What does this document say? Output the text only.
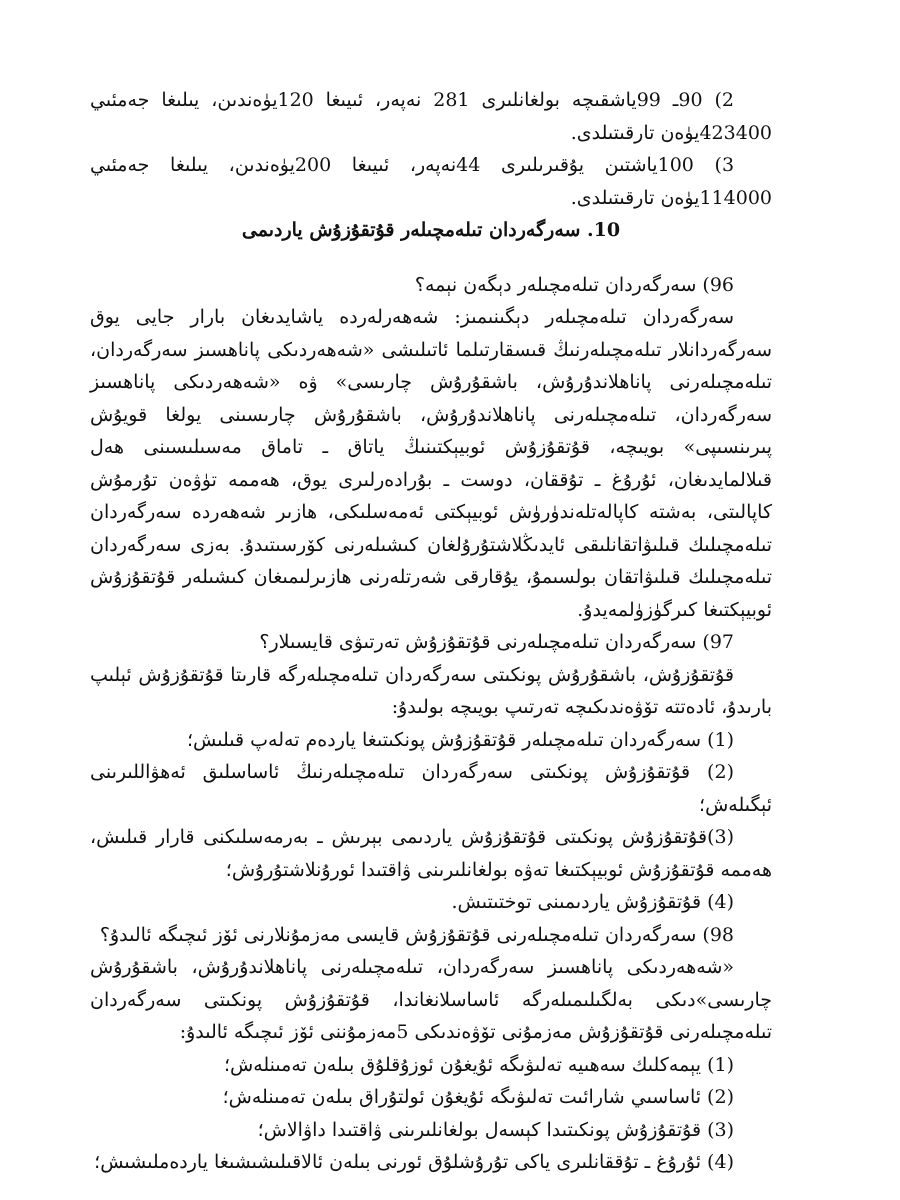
2) 90ـ 99ياشقىچە بولغانلىرى 281 نەپەر، ئىيىغا 120يۈەندىن، يىلىغا جەمئىي 423400يۈەن تارقىتىلدى.

3) 100ياشتىن يۇقىرىلىرى 44نەپەر، ئىيىغا 200يۈەندىن، يىلىغا جەمئىي 114000يۈەن تارقىتىلدى.

10. سەرگەردان تىلەمچىلەر قۇتقۇزۇش ياردىمى

96) سەرگەردان تىلەمچىلەر دېگەن نېمە؟

سەرگەردان تىلەمچىلەر دېگىنىمىز: شەھەرلەردە ياشايدىغان بارار جايى يوق سەرگەردانلار تىلەمچىلەرنىڭ قىسقارتىلما ئاتىلىشى «شەھەردىكى پاناھسىز سەرگەردان، تىلەمچىلەرنى پاناھلاندۇرۇش، باشقۇرۇش چارىسى» ۋە «شەھەردىكى پاناھسىز سەرگەردان، تىلەمچىلەرنى پاناھلاندۇرۇش، باشقۇرۇش چارىسىنى يولغا قويۇش پىرىنسىپى» بويىچە، قۇتقۇزۇش ئوبيېكتىنىڭ ياتاق ـ تاماق مەسىلىسىنى ھەل قىلالمايدىغان، ئۇرۇغ ـ تۇققان، دوست ـ بۇرادەرلىرى يوق، ھەممە تۈۋەن تۇرمۇش كاپالىتى، بەشتە كاپالەتلەندۈرۈش ئوبيېكتى ئەمەسلىكى، ھازىر شەھەردە سەرگەردان تىلەمچىلىك قىلىۋاتقانلىقى ئايدىڭلاشتۇرۇلغان كىشىلەرنى كۆرسىتىدۇ. بەزى سەرگەردان تىلەمچىلىك قىلىۋاتقان بولسىمۇ، يۇقارقى شەرتلەرنى ھازىرلىمىغان كىشىلەر قۇتقۇزۇش ئوبيېكتىغا كىرگۈزۈلمەيدۇ.

97) سەرگەردان تىلەمچىلەرنى قۇتقۇزۇش تەرتىۋى قايسىلار؟

قۇتقۇزۇش، باشقۇرۇش پونكىتى سەرگەردان تىلەمچىلەرگە قارىتا قۇتقۇزۇش ئېلىپ بارىدۇ، ئادەتتە تۆۋەندىكىچە تەرتىپ بويىچە بولىدۇ:

(1) سەرگەردان تىلەمچىلەر قۇتقۇزۇش پونكىتىغا ياردەم تەلەپ قىلىش؛

(2) قۇتقۇزۇش پونكىتى سەرگەردان تىلەمچىلەرنىڭ ئاساسلىق ئەھۋاللىرىنى ئېگىلەش؛

(3)قۇتقۇزۇش پونكىتى قۇتقۇزۇش ياردىمى بېرىش ـ بەرمەسلىكنى قارار قىلىش، ھەممە قۇتقۇزۇش ئوبيېكتىغا تەۋە بولغانلىرىنى ۋاقتىدا ئورۇنلاشتۇرۇش؛

(4) قۇتقۇزۇش ياردىمىنى توختىتىش.

98) سەرگەردان تىلەمچىلەرنى قۇتقۇزۇش قايسى مەزمۇنلارنى ئۆز ئىچىگە ئالىدۇ؟

«شەھەردىكى پاناھسىز سەرگەردان، تىلەمچىلەرنى پاناھلاندۇرۇش، باشقۇرۇش چارىسى»دىكى بەلگىلىمىلەرگە ئاساسلانغاندا، قۇتقۇزۇش پونكىتى سەرگەردان تىلەمچىلەرنى قۇتقۇزۇش مەزمۇنى تۆۋەندىكى 5مەزمۇننى ئۆز ئىچىگە ئالىدۇ:

(1) يېمەكلىك سەھىيە تەلىۋىگە ئۇيغۇن ئوزۇقلۇق بىلەن تەمىنلەش؛

(2) ئاساسىي شارائىت تەلىۋىگە ئۇيغۇن ئولتۇراق بىلەن تەمىنلەش؛

(3) قۇتقۇزۇش پونكىتىدا كېسەل بولغانلىرىنى ۋاقتىدا داۋالاش؛

(4) ئۇرۇغ ـ تۇققانلىرى ياكى تۇرۇشلۇق ئورنى بىلەن ئالاقىلىشىشىغا ياردەملىشىش؛
